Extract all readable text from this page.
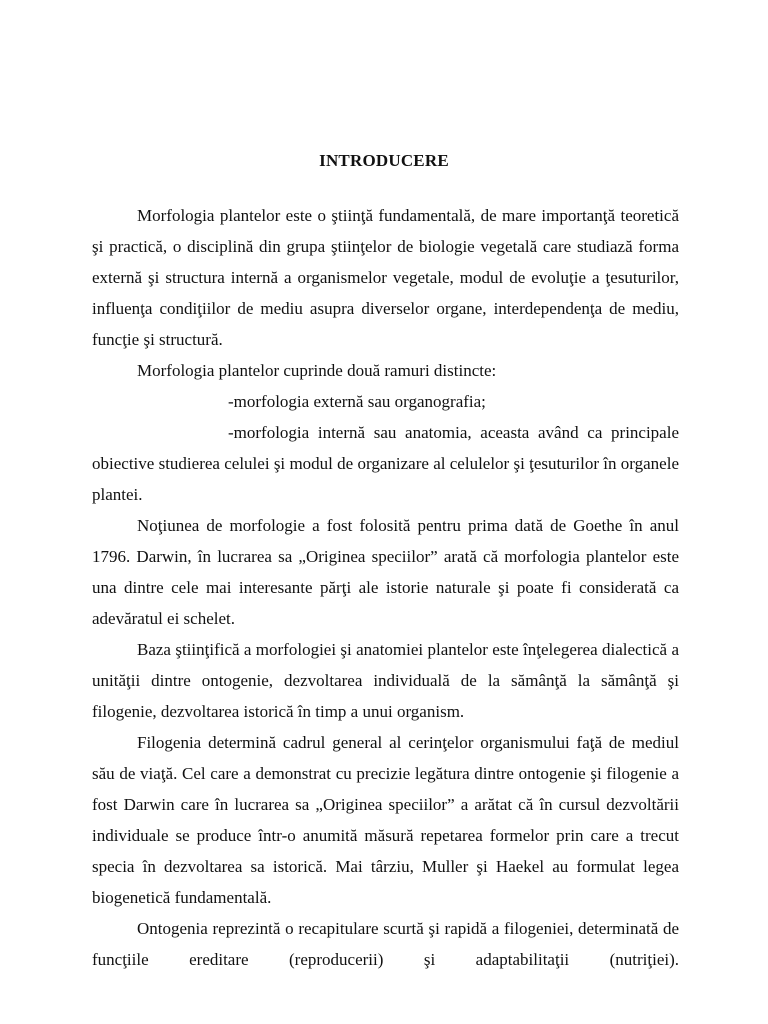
INTRODUCERE

Morfologia plantelor este o ştiinţă fundamentală, de mare importanţă teoretică şi practică, o disciplină din grupa ştiinţelor de biologie vegetală care studiază forma externă şi structura internă a organismelor vegetale, modul de evoluţie a ţesuturilor, influenţa condiţiilor de mediu asupra diverselor organe, interdependenţa de mediu, funcţie şi structură.

Morfologia plantelor cuprinde două ramuri distincte:

-morfologia externă sau organografia;

-morfologia internă sau anatomia, aceasta având ca principale obiective studierea celulei şi modul de organizare al celulelor şi ţesuturilor în organele plantei.

Noţiunea de morfologie a fost folosită pentru prima dată de Goethe în anul 1796. Darwin, în lucrarea sa „Originea speciilor” arată că morfologia plantelor este una dintre cele mai interesante părţi ale istorie naturale şi poate fi considerată ca adevăratul ei schelet.

Baza ştiinţifică a morfologiei şi anatomiei plantelor este înţelegerea dialectică a unităţii dintre ontogenie, dezvoltarea individuală de la sămânţă la sămânţă şi filogenie, dezvoltarea istorică în timp a unui organism.

Filogenia determină cadrul general al cerinţelor organismului faţă de mediul său de viaţă. Cel care a demonstrat cu precizie legătura dintre ontogenie şi filogenie a fost Darwin care în lucrarea sa „Originea speciilor” a arătat că în cursul dezvoltării individuale se produce într-o anumită măsură repetarea formelor prin care a trecut specia în dezvoltarea sa istorică. Mai târziu, Muller şi Haekel au formulat legea biogenetică fundamentală.

Ontogenia reprezintă o recapitulare scurtă şi rapidă a filogeniei, determinată de funcţiile ereditare (reproducerii) şi adaptabilitaţii (nutriţiei).
